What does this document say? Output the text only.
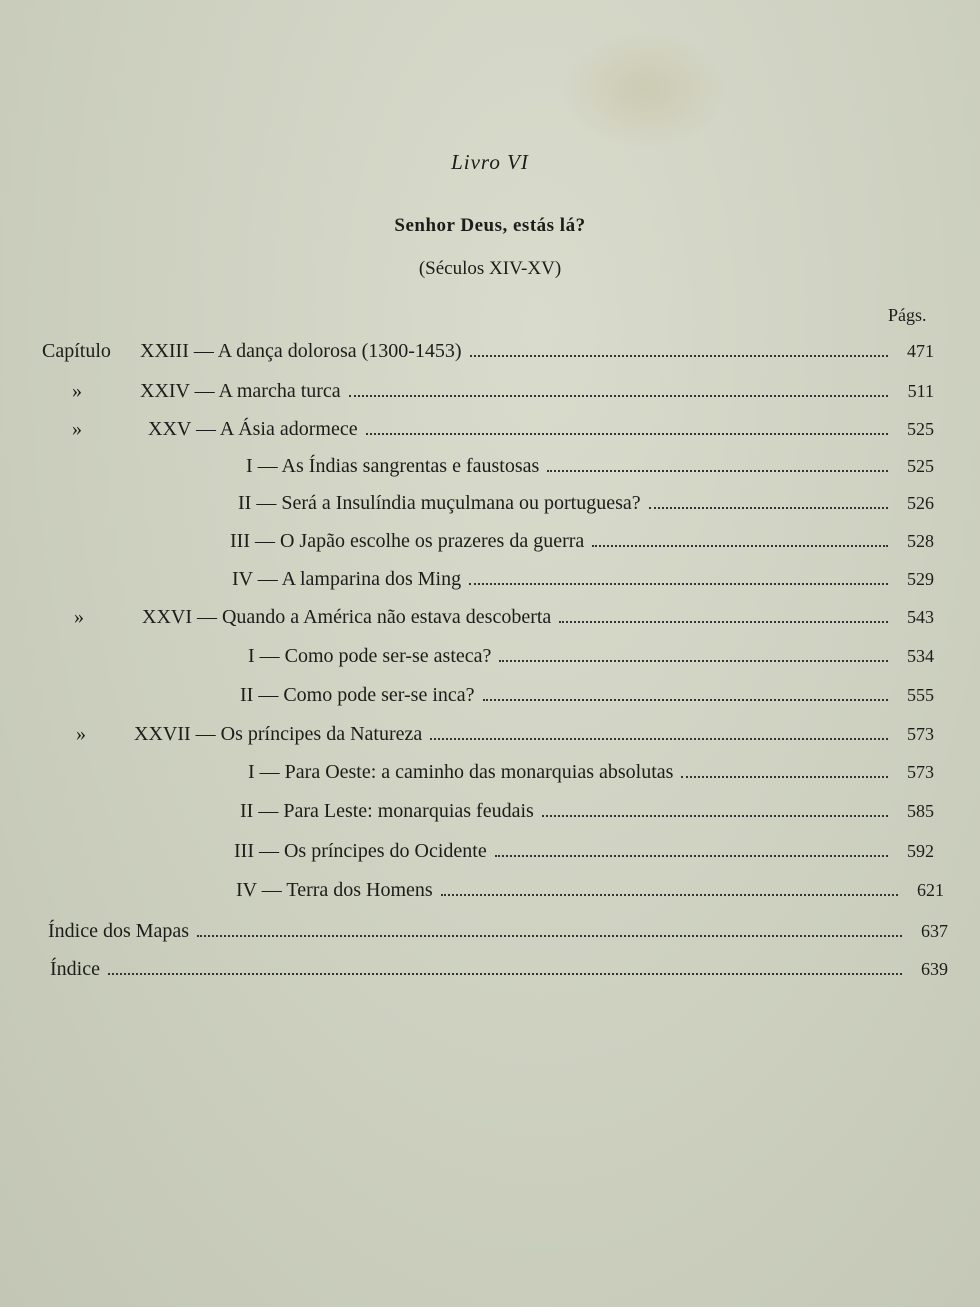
Livro VI
Senhor Deus, estás lá?
(Séculos XIV-XV)
Págs.
Capítulo	XXIII — A dança dolorosa (1300-1453)	471
»	XXIV — A marcha turca	511
»	XXV — A Ásia adormece	525
I — As Índias sangrentas e faustosas	525
II — Será a Insulíndia muçulmana ou portuguesa?	526
III — O Japão escolhe os prazeres da guerra	528
IV — A lamparina dos Ming	529
»	XXVI — Quando a América não estava descoberta	543
I — Como pode ser-se asteca?	534
II — Como pode ser-se inca?	555
»	XXVII — Os príncipes da Natureza	573
I — Para Oeste: a caminho das monarquias absolutas	573
II — Para Leste: monarquias feudais	585
III — Os príncipes do Ocidente	592
IV — Terra dos Homens	621
Índice dos Mapas	637
Índice	639
